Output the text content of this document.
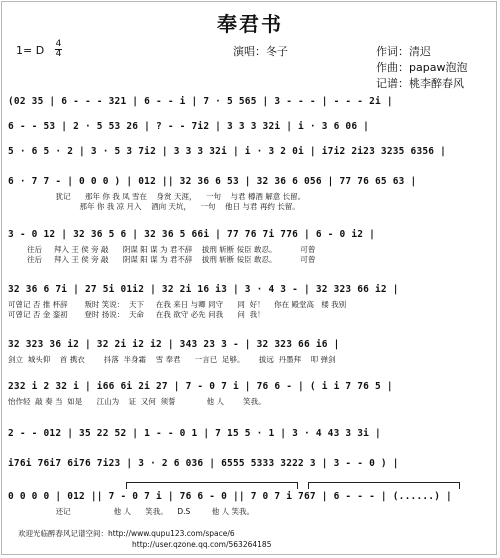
奉君书
1= D 4
4	演唱：冬子	作词：清迟
作曲：papaw泡泡
记谱：桃李醉春风
(02 35 | 6 - - - 321 | 6 - - i | 7 · 5 565 | 3 - - - | - - - 2i |
6 - - 53 | 2 · 5 53 26 | ? - - 7i2 | 3 3 3 32i | i · 3 6 06 |
5 · 6 5 · 2 | 3 · 5 3 7i2 | 3 3 3 32i | i · 3 2 0i | i7i2 2i23 3235 6356 |
6 · 7 7 - | 0 0 0 ) | 012 || 32 36 6 53 | 32 36 6 056 | 77 76 65 63 |
犹记      那年 你 我 凤 雪在    身赏 天涯，    一句    与君 樽酒 解意 长留。
那年 你 我 凉 月入    酒向 天坑，    一句    他日 与君 再约 长留。
3 - 0 12 | 32 36 5 6 | 32 36 5 66i | 77 76 7i 776 | 6 - 0 i2 |
往后     拜入 王 侯 旁 敲      阴谋 阳 谋 为 君不辞    拔刑 斩断 佞臣 敢忍。          可曾
往后     拜入 王 侯 旁 敲      阴谋 阳 谋 为 君不辞    拔刑 斩断 佞臣 敢忍。          可曾
32 36 6 7i | 27 5i 01i2 | 32 2i 16 i3 | 3 · 4 3 - | 32 323 66 i2 |
可曾记 否 推 杯辞       叛时 笑说：  天下     在我 来日 与卿 同守      同  好！    你在 殿堂高   楼 我别
可曾记 否 金 銮初       登时 扬说：  天命     在我 欲守 必先 问我      问  我！
32 323 36 i2 | 32 2i i2 i2 | 343 23 3 - | 32 323 66 i6 |
剑立  城头仰    首 携衣        抖落  半身霜    雪 奉君      一言已  足够。      拔远  丹墨拜    叩 弹剑
232 i 2 32 i | i66 6i 2i 27 | 7 - 0 7 i | 76 6 - | ( i i 7 76 5 |
怡作轻  敲 奏 当  如是      江山为    证  又何  须誓             他 人        笑我。
2 - - 012 | 35 22 52 | 1 - - 0 1 | 7 15 5 · 1 | 3 · 4 43 3 3i |
i76i 76i7 6i76 7i23 | 3 · 2 6 036 | 6555 5333 3222 3 | 3 - - 0 ) |
0 0 0 0 | 012 || 7 - 0 7 i | 76 6 - 0 || 7 0 7 i 767 | 6 - - - | (......) |
还记                  他 人      笑我。    D.S         他 人 笑我。
欢迎光临醉春风记谱空间：http://www.qupu123.com/space/6
http://user.qzone.qq.com/563264185
